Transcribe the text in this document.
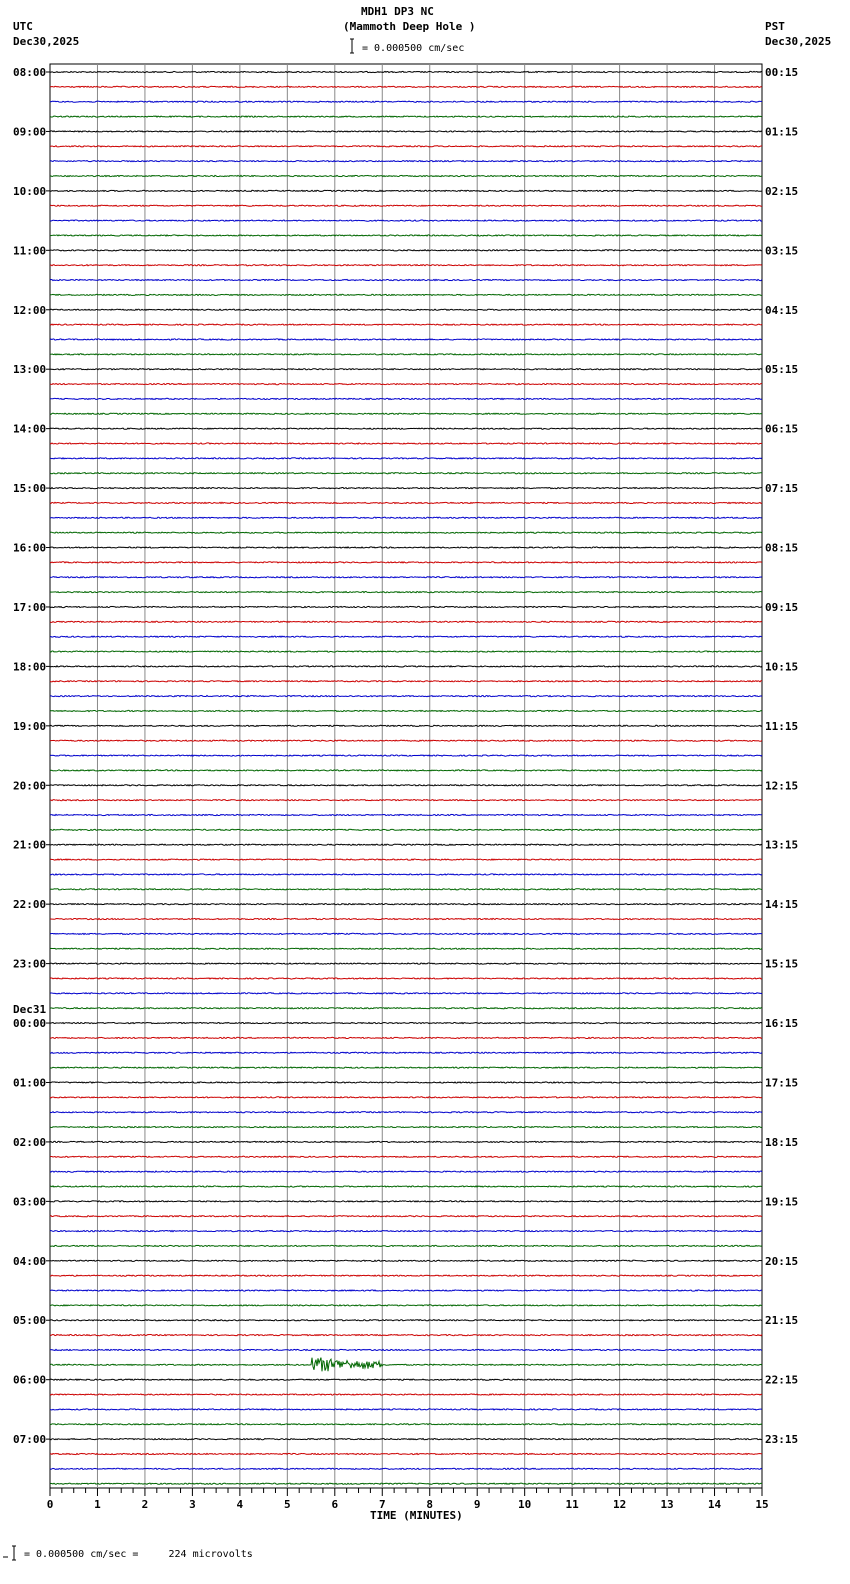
MDH1 DP3 NC
(Mammoth Deep Hole )
UTC
Dec30,2025
PST
Dec30,2025
= 0.000500 cm/sec
= 0.000500 cm/sec =     224 microvolts
TIME (MINUTES)
08:00
09:00
10:00
11:00
12:00
13:00
14:00
15:00
16:00
17:00
18:00
19:00
20:00
21:00
22:00
23:00
Dec31
00:00
01:00
02:00
03:00
04:00
05:00
06:00
07:00
00:15
01:15
02:15
03:15
04:15
05:15
06:15
07:15
08:15
09:15
10:15
11:15
12:15
13:15
14:15
15:15
16:15
17:15
18:15
19:15
20:15
21:15
22:15
23:15
0	1	2	3	4	5	6	7	8	9	10	11	12	13	14	15
